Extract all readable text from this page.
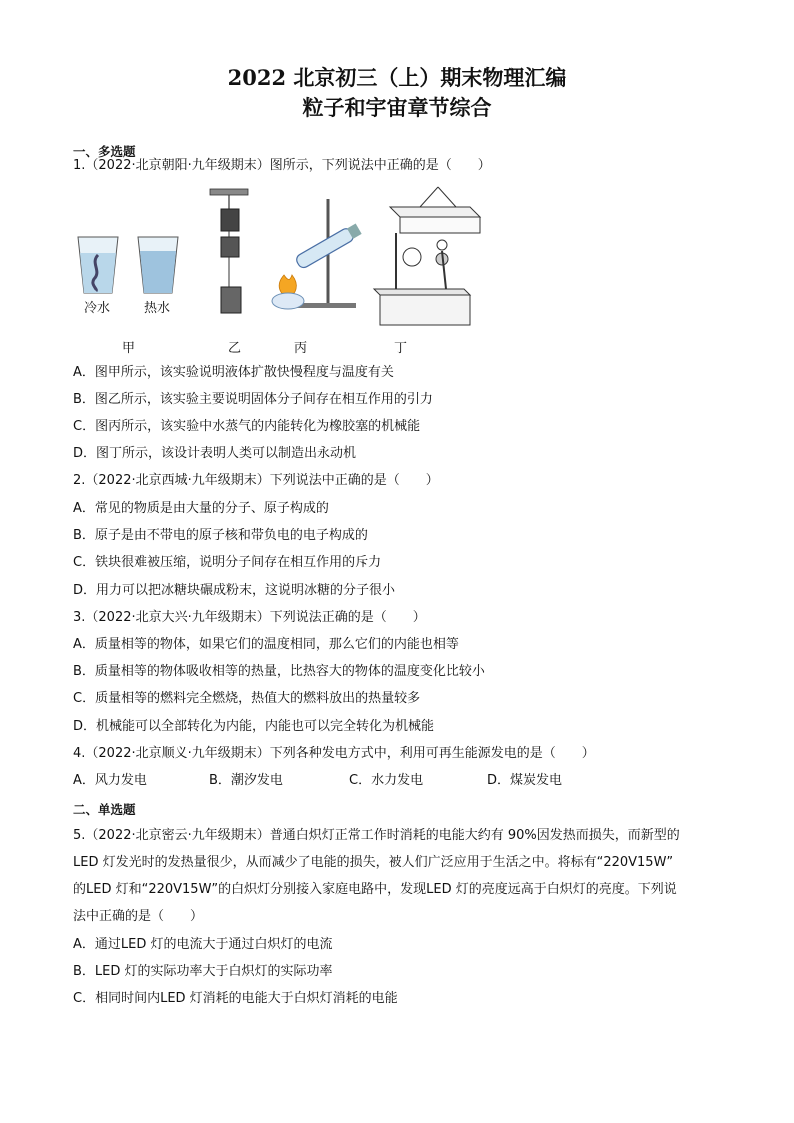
2022 北京初三（上）期末物理汇编
粒子和宇宙章节综合
一、多选题
1.（2022·北京朝阳·九年级期末）图所示，下列说法中正确的是（　　）
冷水	热水
甲	乙	丙	丁
A．图甲所示，该实验说明液体扩散快慢程度与温度有关
B．图乙所示，该实验主要说明固体分子间存在相互作用的引力
C．图丙所示，该实验中水蒸气的内能转化为橡胶塞的机械能
D．图丁所示，该设计表明人类可以制造出永动机
2.（2022·北京西城·九年级期末）下列说法中正确的是（　　）
A．常见的物质是由大量的分子、原子构成的
B．原子是由不带电的原子核和带负电的电子构成的
C．铁块很难被压缩，说明分子间存在相互作用的斥力
D．用力可以把冰糖块碾成粉末，这说明冰糖的分子很小
3.（2022·北京大兴·九年级期末）下列说法正确的是（　　）
A．质量相等的物体，如果它们的温度相同，那么它们的内能也相等
B．质量相等的物体吸收相等的热量，比热容大的物体的温度变化比较小
C．质量相等的燃料完全燃烧，热值大的燃料放出的热量较多
D．机械能可以全部转化为内能，内能也可以完全转化为机械能
4.（2022·北京顺义·九年级期末）下列各种发电方式中，利用可再生能源发电的是（　　）
A．风力发电	B．潮汐发电	C．水力发电	D．煤炭发电
二、单选题
5.（2022·北京密云·九年级期末）普通白炽灯正常工作时消耗的电能大约有 90%因发热而损失，而新型的
LED 灯发光时的发热量很少，从而减少了电能的损失，被人们广泛应用于生活之中。将标有“220V15W”
的LED 灯和“220V15W”的白炽灯分别接入家庭电路中，发现LED 灯的亮度远高于白炽灯的亮度。下列说
法中正确的是（　　）
A．通过LED 灯的电流大于通过白炽灯的电流
B．LED 灯的实际功率大于白炽灯的实际功率
C．相同时间内LED 灯消耗的电能大于白炽灯消耗的电能
